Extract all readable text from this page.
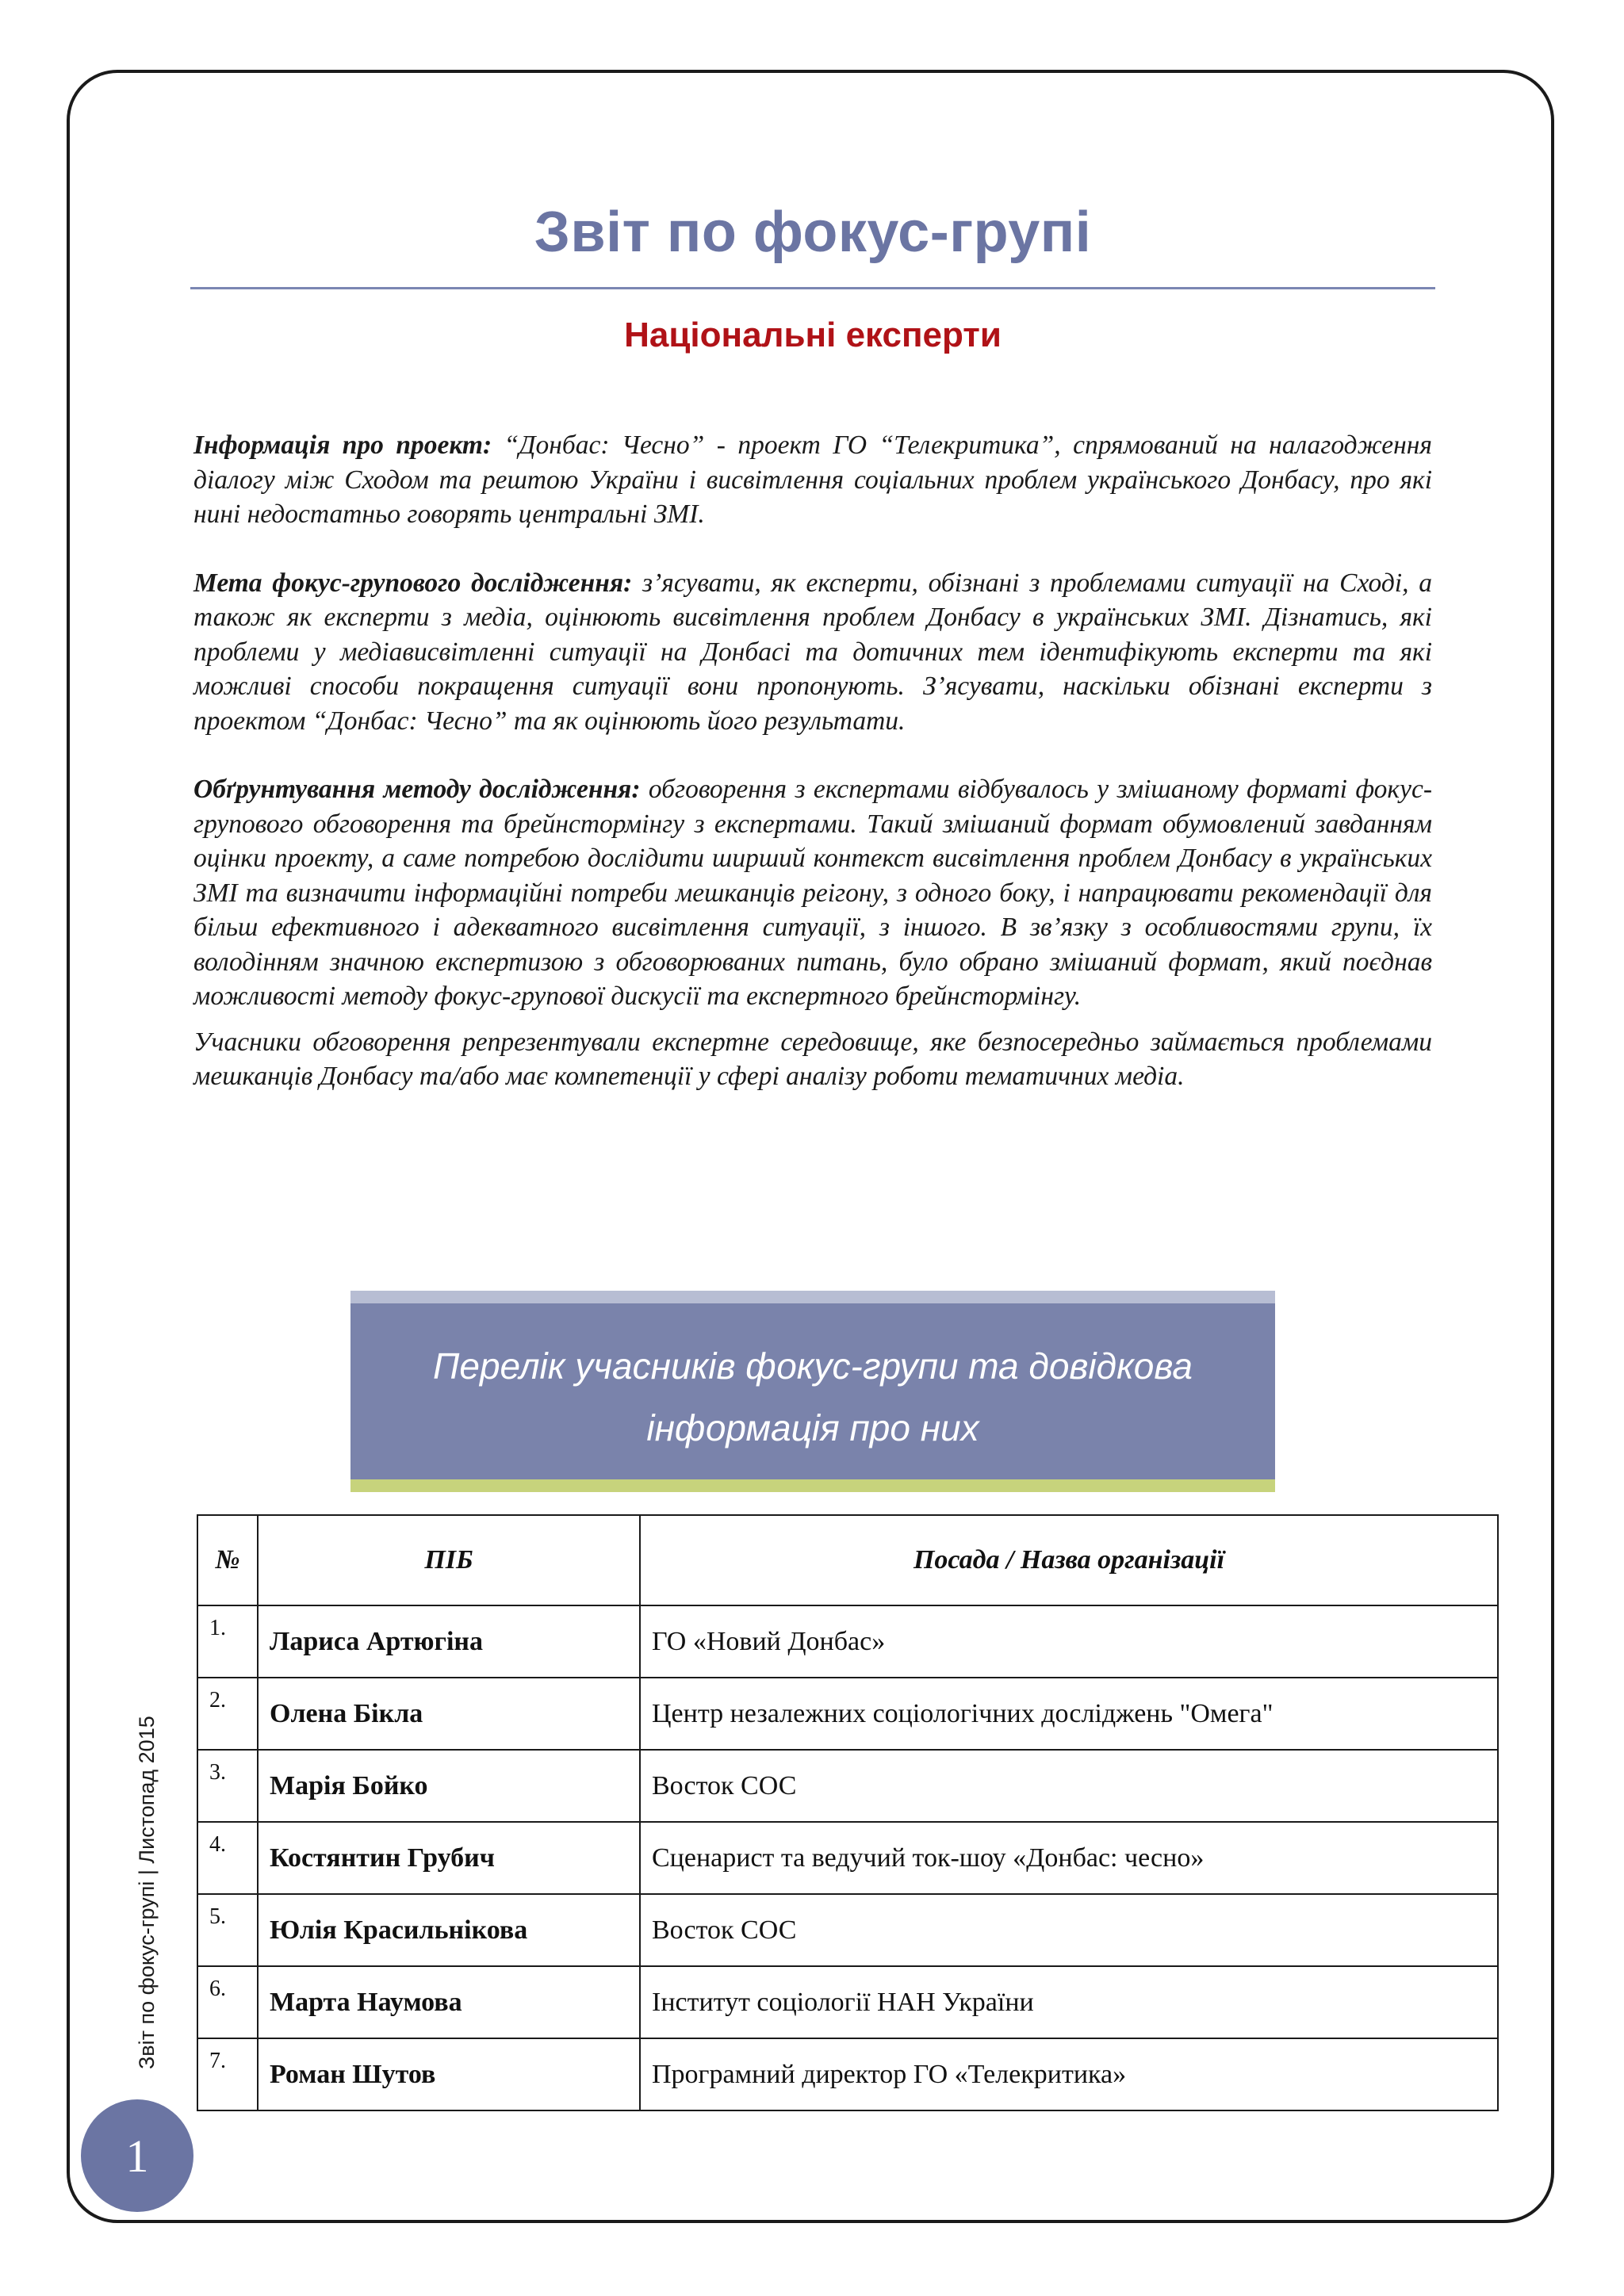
Звіт по фокус-групі
Національні експерти

Інформація про проект: “Донбас: Чесно” - проект ГО “Телекритика”, спрямований на налагодження діалогу між Сходом та рештою України і висвітлення соціальних проблем українського Донбасу, про які нині недостатньо говорять центральні ЗМІ.

Мета фокус-групового дослідження: з’ясувати, як експерти, обізнані з проблемами ситуації на Сході, а також як експерти з медіа, оцінюють висвітлення проблем Донбасу в українських ЗМІ. Дізнатись, які проблеми у медіависвітленні ситуації на Донбасі та дотичних тем ідентифікують експерти та які можливі способи покращення ситуації вони пропонують. З’ясувати, наскільки обізнані експерти з проектом “Донбас: Чесно” та як оцінюють його результати.

Обґрунтування методу дослідження: обговорення з експертами відбувалось у змішаному форматі фокус-групового обговорення та брейнстормінгу з експертами. Такий змішаний формат обумовлений завданням оцінки проекту, а саме потребою дослідити ширший контекст висвітлення проблем Донбасу в українських ЗМІ та визначити інформаційні потреби мешканців реігону, з одного боку, і напрацювати рекомендації для більш ефективного і адекватного висвітлення ситуації, з іншого. В зв’язку з особливостями групи, їх володінням значною експертизою з обговорюваних питань, було обрано змішаний формат, який поєднав можливості методу фокус-групової дискусії та експертного брейнстормінгу.

Учасники обговорення репрезентували експертне середовище, яке безпосередньо займається проблемами мешканців Донбасу та/або має компетенції у сфері аналізу роботи тематичних медіа.

Перелік учасників фокус-групи та довідкова
інформація про них
№	ПІБ	Посада / Назва організації
1.	Лариса Артюгіна	ГО «Новий Донбас»
2.	Олена Бікла	Центр незалежних соціологічних досліджень "Омега"
3.	Марія Бойко	Восток СОС
4.	Костянтин Грубич	Сценарист та ведучий ток-шоу «Донбас: чесно»
5.	Юлія Красильнікова	Восток СОС
6.	Марта Наумова	Інститут соціології НАН України
7.	Роман Шутов	Програмний директор ГО «Телекритика»
Звіт по фокус-групі | Листопад 2015
1
